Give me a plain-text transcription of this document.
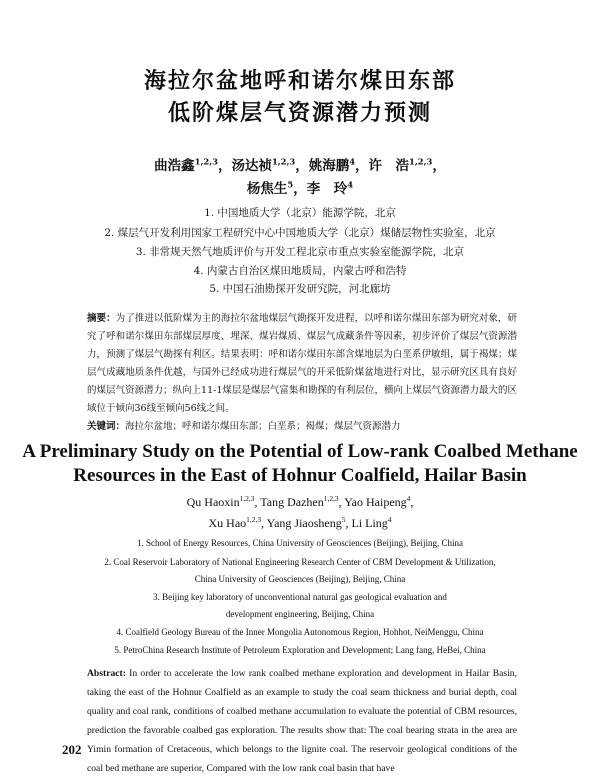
海拉尔盆地呼和诺尔煤田东部
低阶煤层气资源潜力预测
曲浩鑫$^{1,2,3}$，汤达祯$^{1,2,3}$，姚海鹏$^4$，许　浩$^{1,2,3}$，
杨焦生$^5$，李　玲$^4$
1. 中国地质大学（北京）能源学院，北京
2. 煤层气开发利用国家工程研究中心中国地质大学（北京）煤储层物性实验室，北京
3. 非常规天然气地质评价与开发工程北京市重点实验室能源学院，北京
4. 内蒙古自治区煤田地质局，内蒙古呼和浩特
5. 中国石油勘探开发研究院，河北廊坊
摘要：为了推进以低阶煤为主的海拉尔盆地煤层气勘探开发进程，以呼和诺尔煤田东部为研究对象，研究了呼和诺尔煤田东部煤层厚度、埋深、煤岩煤质、煤层气成藏条件等因素，初步评价了煤层气资源潜力，预测了煤层气勘探有利区。结果表明：呼和诺尔煤田东部含煤地层为白垩系伊敏组，属于褐煤；煤层气成藏地质条件优越，与国外已经成功进行煤层气的开采低阶煤盆地进行对比，显示研究区具有良好的煤层气资源潜力；纵向上11-1煤层是煤层气富集和勘探的有利层位，横向上煤层气资源潜力最大的区域位于倾向36线至倾向56线之间。
关键词：海拉尔盆地；呼和诺尔煤田东部；白垩系；褐煤；煤层气资源潜力
A Preliminary Study on the Potential of Low-rank Coalbed Methane
Resources in the East of Hohnur Coalfield, Hailar Basin
Qu Haoxin$^{1,2,3}$, Tang Dazhen$^{1,2,3}$, Yao Haipeng$^4$,
Xu Hao$^{1,2,3}$, Yang Jiaosheng$^5$, Li Ling$^4$
1. School of Energy Resources, China University of Geosciences (Beijing), Beijing, China
2. Coal Reservoir Laboratory of National Engineering Research Center of CBM Development & Utilization,
China University of Geosciences (Beijing), Beijing, China
3. Beijing key laboratory of unconventional natural gas geological evaluation and
development engineering, Beijing, China
4. Coalfield Geology Bureau of the Inner Mongolia Autonomous Region, Hohhot, NeiMenggu, China
5. PetroChina Research Institute of Petroleum Exploration and Development; Lang fang, HeBei, China
Abstract: In order to accelerate the low rank coalbed methane exploration and development in Hailar Basin, taking the east of the Hohnur Coalfield as an example to study the coal seam thickness and burial depth, coal quality and coal rank, conditions of coalbed methane accumulation to evaluate the potential of CBM resources, prediction the favorable coalbed gas exploration. The results show that: The coal bearing strata in the area are Yimin formation of Cretaceous, which belongs to the lignite coal. The reservoir geological conditions of the coal bed methane are superior, Compared with the low rank coal basin that have
202
